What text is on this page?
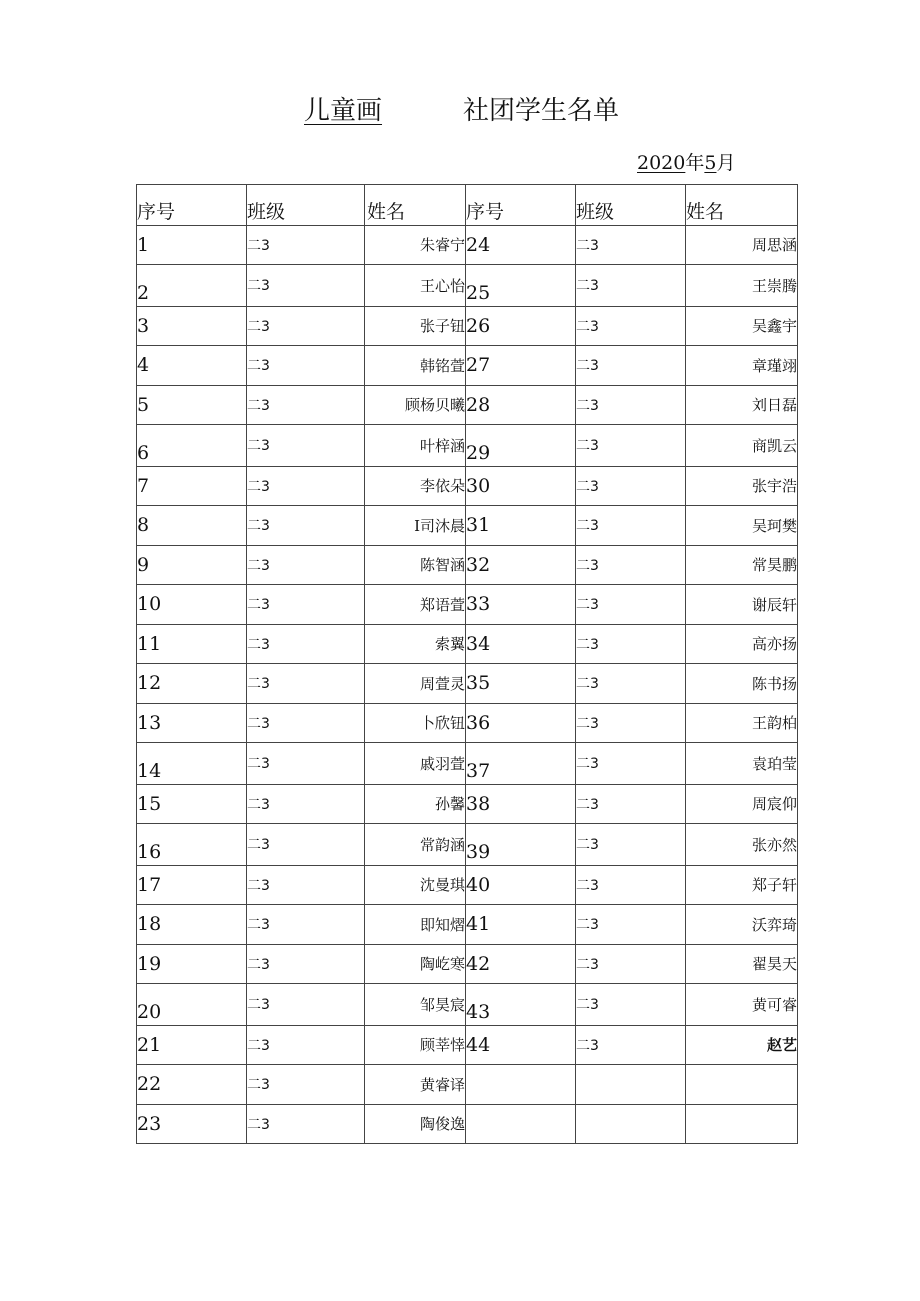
儿童画	社团学生名单
2020年5月
序号	班级	姓名	序号	班级	姓名
1	二3	朱睿宁	24	二3	周思涵
2	二3	王心怡	25	二3	王崇腾
3	二3	张子钮	26	二3	吴鑫宇
4	二3	韩铭萱	27	二3	章瑾翊
5	二3	顾杨贝曦	28	二3	刘日磊
6	二3	叶梓涵	29	二3	商凯云
7	二3	李依朵	30	二3	张宇浩
8	二3	I司沐晨	31	二3	吴珂樊
9	二3	陈智涵	32	二3	常昊鹏
10	二3	郑语萱	33	二3	谢辰轩
11	二3	索翼	34	二3	高亦扬
12	二3	周萱灵	35	二3	陈书扬
13	二3	卜欣钮	36	二3	王韵柏
14	二3	戚羽萱	37	二3	袁珀莹
15	二3	孙馨	38	二3	周宸仰
16	二3	常韵涵	39	二3	张亦然
17	二3	沈曼琪	40	二3	郑子轩
18	二3	即知熠	41	二3	沃弈琦
19	二3	陶屹寒	42	二3	翟昊天
20	二3	邹昊宸	43	二3	黄可睿
21	二3	顾莘悻	44	二3	赵艺
22	二3	黄睿译			
23	二3	陶俊逸			
